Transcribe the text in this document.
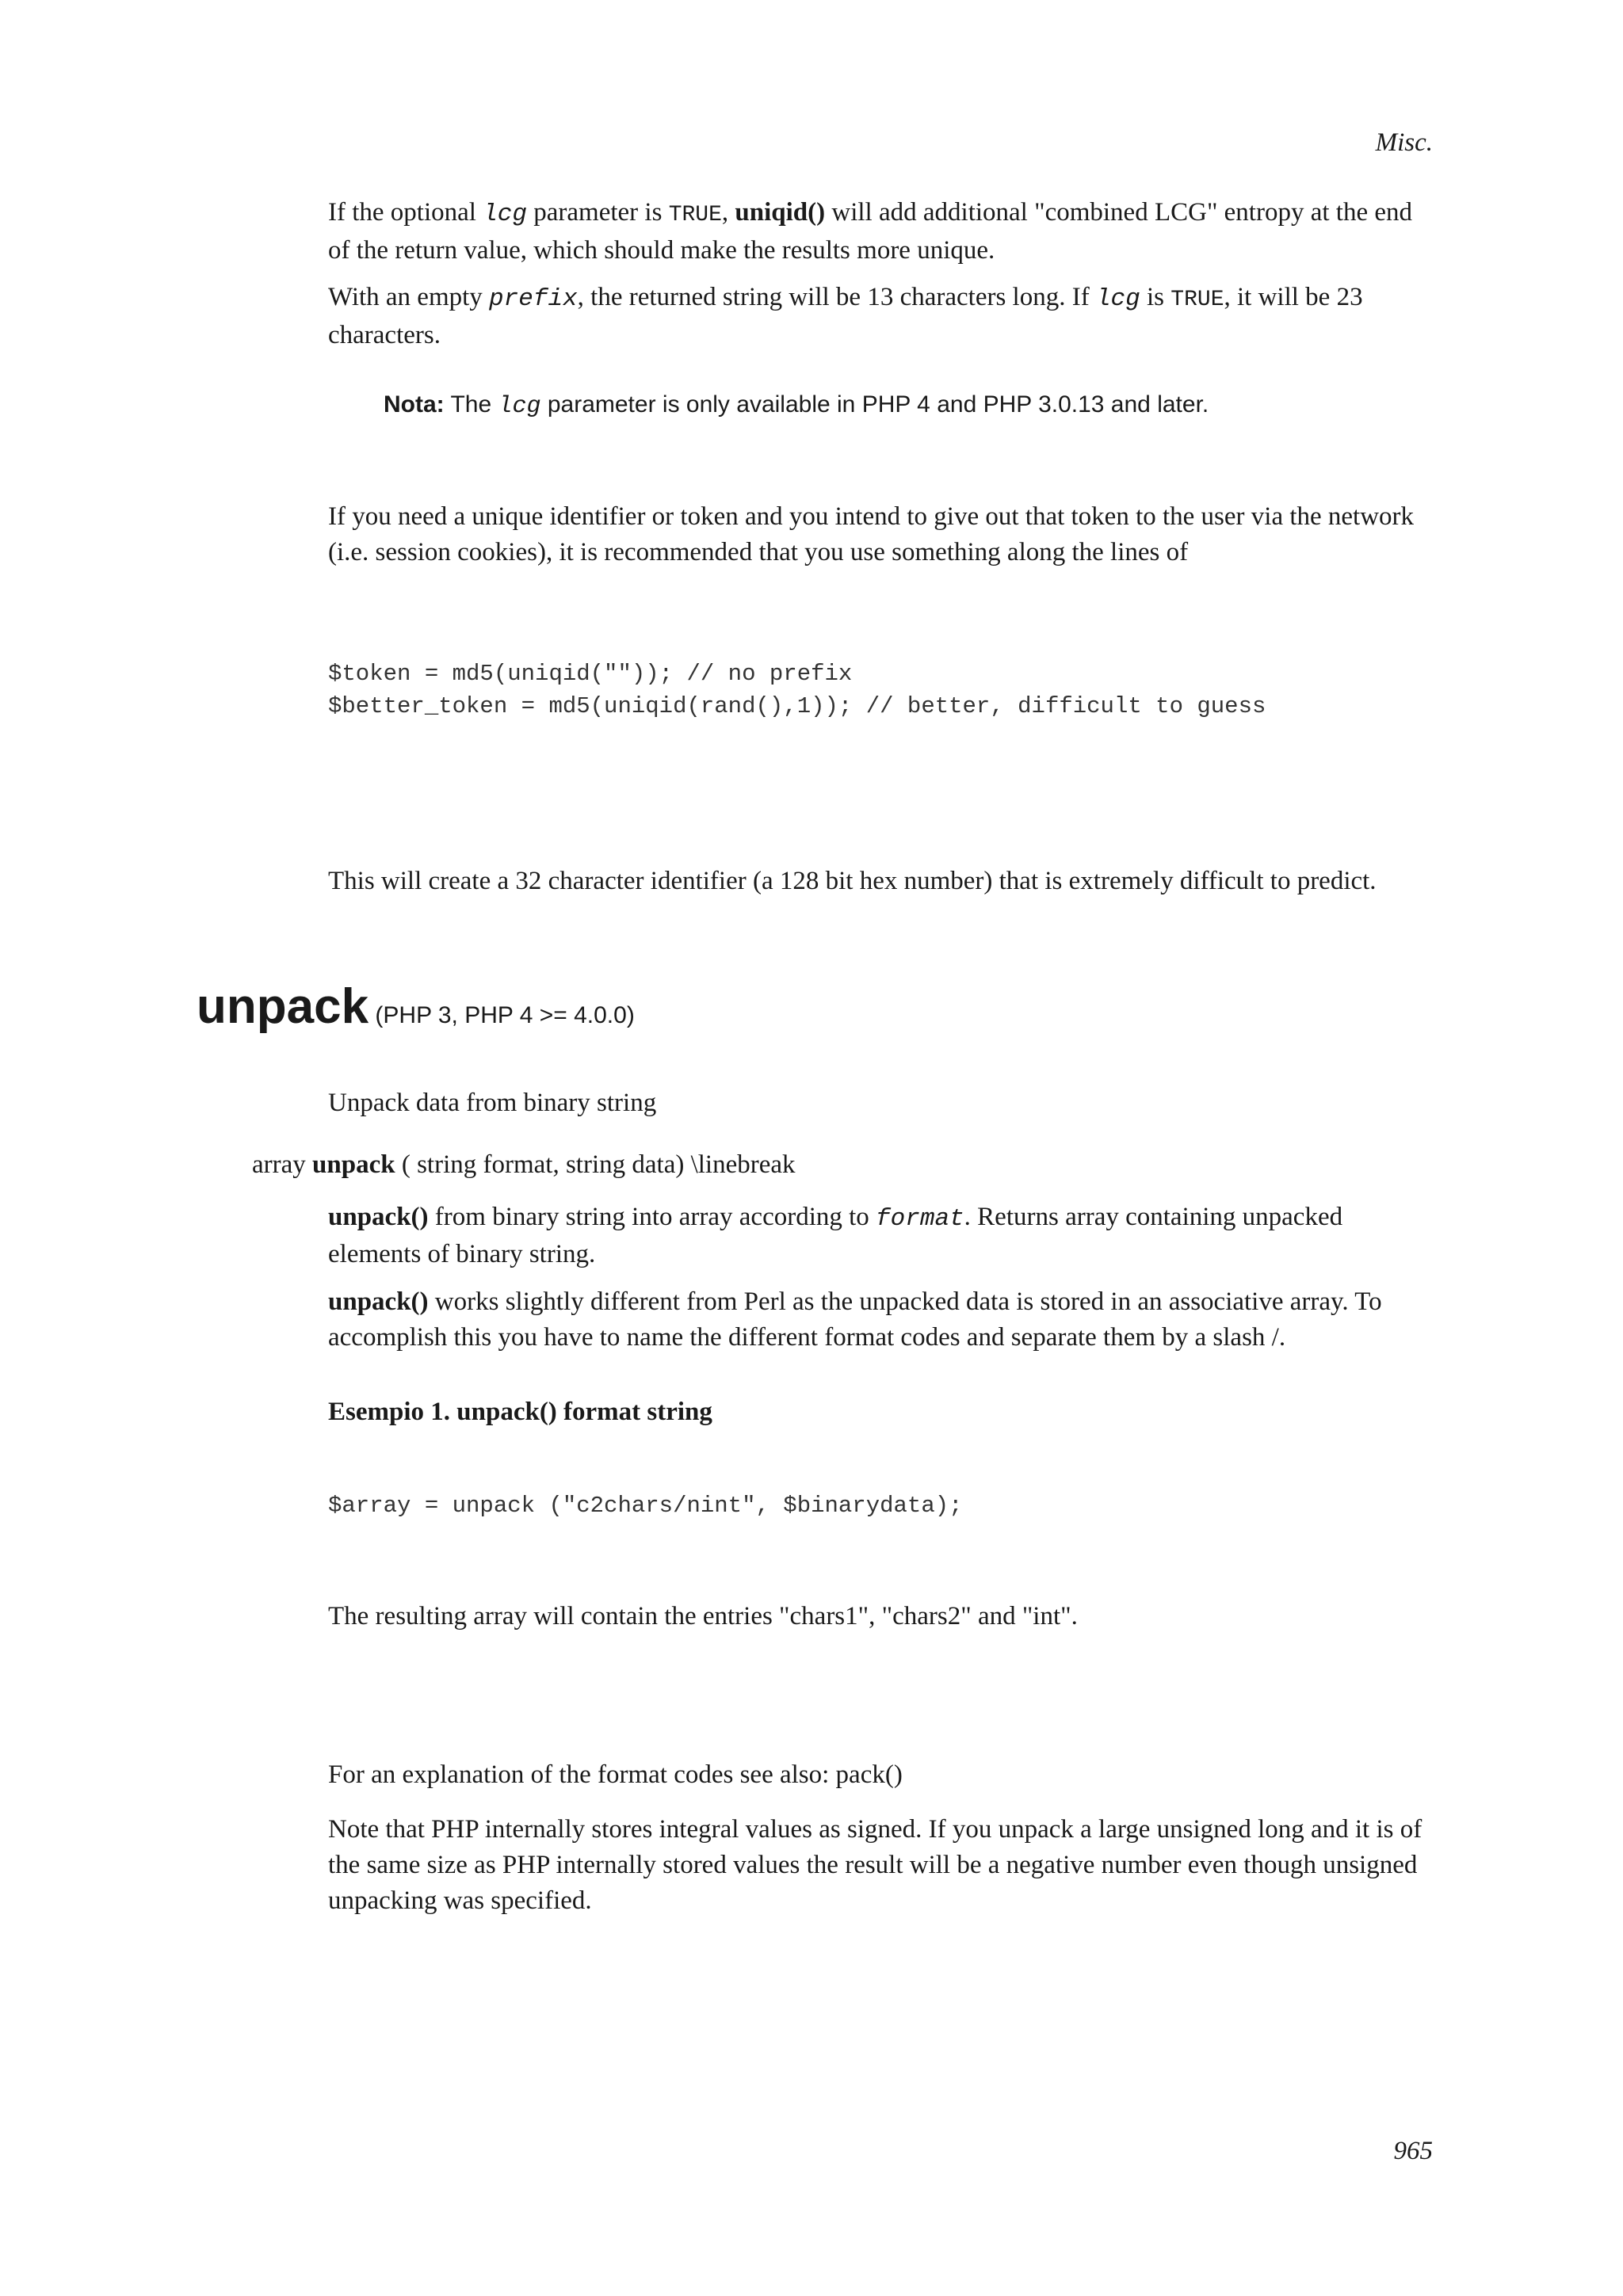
Misc.

If the optional lcg parameter is TRUE, uniqid() will add additional "combined LCG" entropy at the end of the return value, which should make the results more unique.

With an empty prefix, the returned string will be 13 characters long. If lcg is TRUE, it will be 23 characters.

Nota: The lcg parameter is only available in PHP 4 and PHP 3.0.13 and later.

If you need a unique identifier or token and you intend to give out that token to the user via the network (i.e. session cookies), it is recommended that you use something along the lines of

$token = md5(uniqid("")); // no prefix
$better_token = md5(uniqid(rand(),1)); // better, difficult to guess

This will create a 32 character identifier (a 128 bit hex number) that is extremely difficult to predict.

unpack (PHP 3, PHP 4 >= 4.0.0)

Unpack data from binary string

array unpack ( string format, string data) \linebreak

unpack() from binary string into array according to format. Returns array containing unpacked elements of binary string.

unpack() works slightly different from Perl as the unpacked data is stored in an associative array. To accomplish this you have to name the different format codes and separate them by a slash /.

Esempio 1. unpack() format string

$array = unpack ("c2chars/nint", $binarydata);

The resulting array will contain the entries "chars1", "chars2" and "int".

For an explanation of the format codes see also: pack()

Note that PHP internally stores integral values as signed. If you unpack a large unsigned long and it is of the same size as PHP internally stored values the result will be a negative number even though unsigned unpacking was specified.

965
